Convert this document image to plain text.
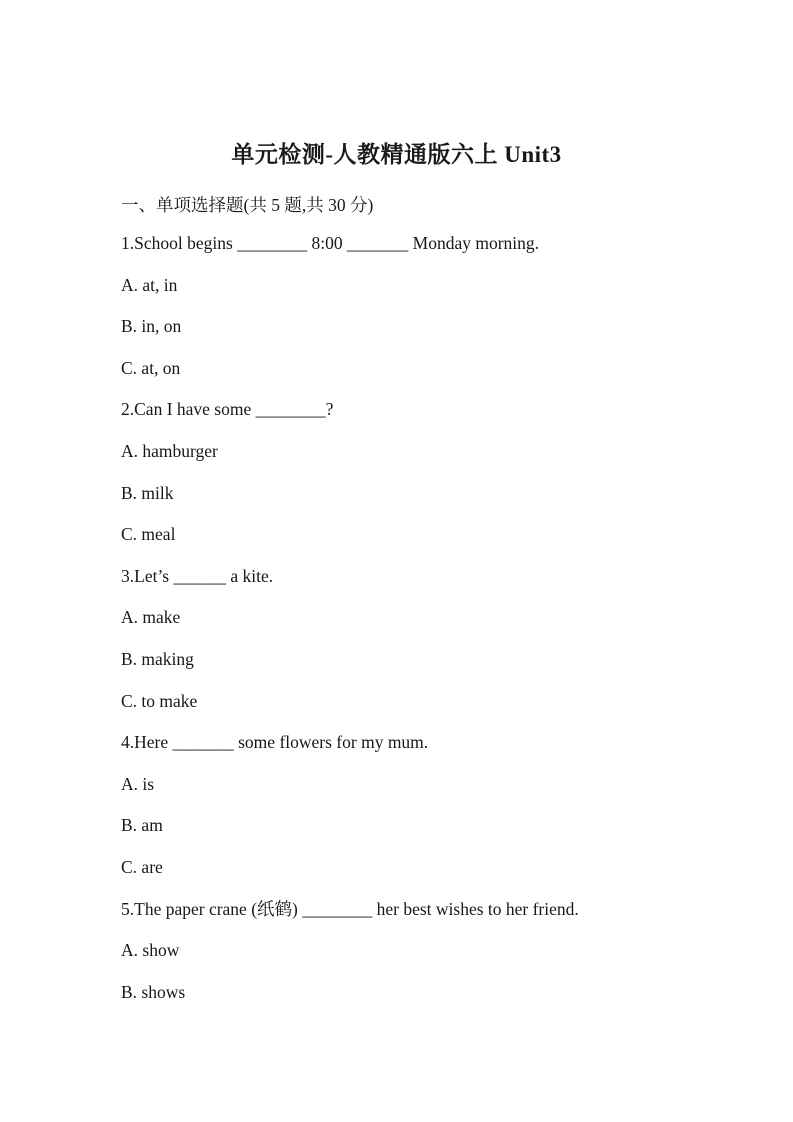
单元检测-人教精通版六上 Unit3
一、单项选择题(共 5 题,共 30 分)

1.School begins ________ 8:00 _______ Monday morning.

A. at, in

B. in, on

C. at, on

2.Can I have some ________?

A. hamburger

B. milk

C. meal

3.Let’s ______ a kite.

A. make

B. making

C. to make

4.Here _______ some flowers for my mum.

A. is

B. am

C. are

5.The paper crane (纸鹤) ________ her best wishes to her friend.

A. show

B. shows
